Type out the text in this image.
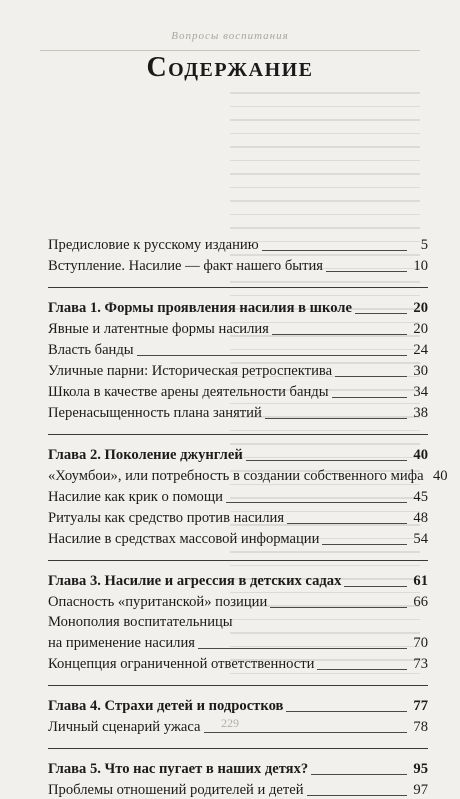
Вопросы воспитания
Содержание
Предисловие к русскому изданию	5
Вступление. Насилие — факт нашего бытия	10
Глава 1. Формы проявления насилия в школе	20
Явные и латентные формы насилия	20
Власть банды	24
Уличные парни: Историческая ретроспектива	30
Школа в качестве арены деятельности банды	34
Перенасыщенность плана занятий	38
Глава 2. Поколение джунглей	40
«Хоумбои», или потребность в создании собственного мифа 40
Насилие как крик о помощи	45
Ритуалы как средство против насилия	48
Насилие в средствах массовой информации	54
Глава 3. Насилие и агрессия в детских садах	61
Опасность «пуританской» позиции	66
Монополия воспитательницы
на применение насилия	70
Концепция ограниченной ответственности	73
Глава 4. Страхи детей и подростков	77
Личный сценарий ужаса	78
Глава 5. Что нас пугает в наших детях?	95
Проблемы отношений родителей и детей	97
229
